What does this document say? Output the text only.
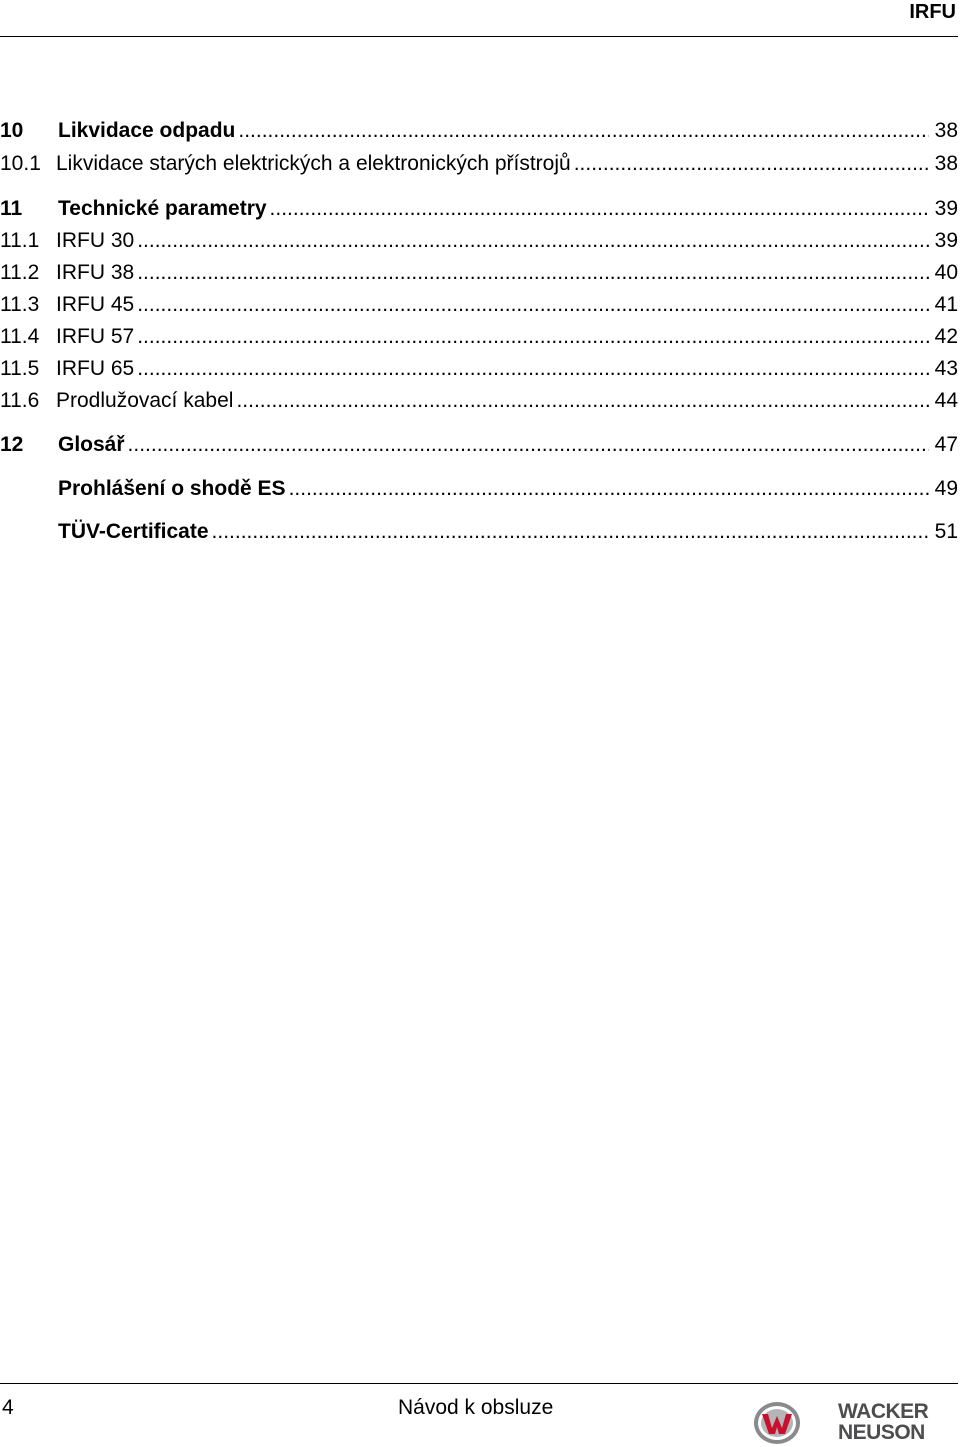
IRFU
10	Likvidace odpadu .....	38
10.1 Likvidace starých elektrických a elektronických přístrojů .....	38
11	Technické parametry .....	39
11.1 IRFU 30 .....	39
11.2 IRFU 38 .....	40
11.3 IRFU 45 .....	41
11.4 IRFU 57 .....	42
11.5 IRFU 65 .....	43
11.6 Prodlužovací kabel .....	44
12	Glosář .....	47
Prohlášení o shodě ES .....	49
TÜV-Certificate .....	51
4	Návod k obsluze	WACKER
NEUSON
